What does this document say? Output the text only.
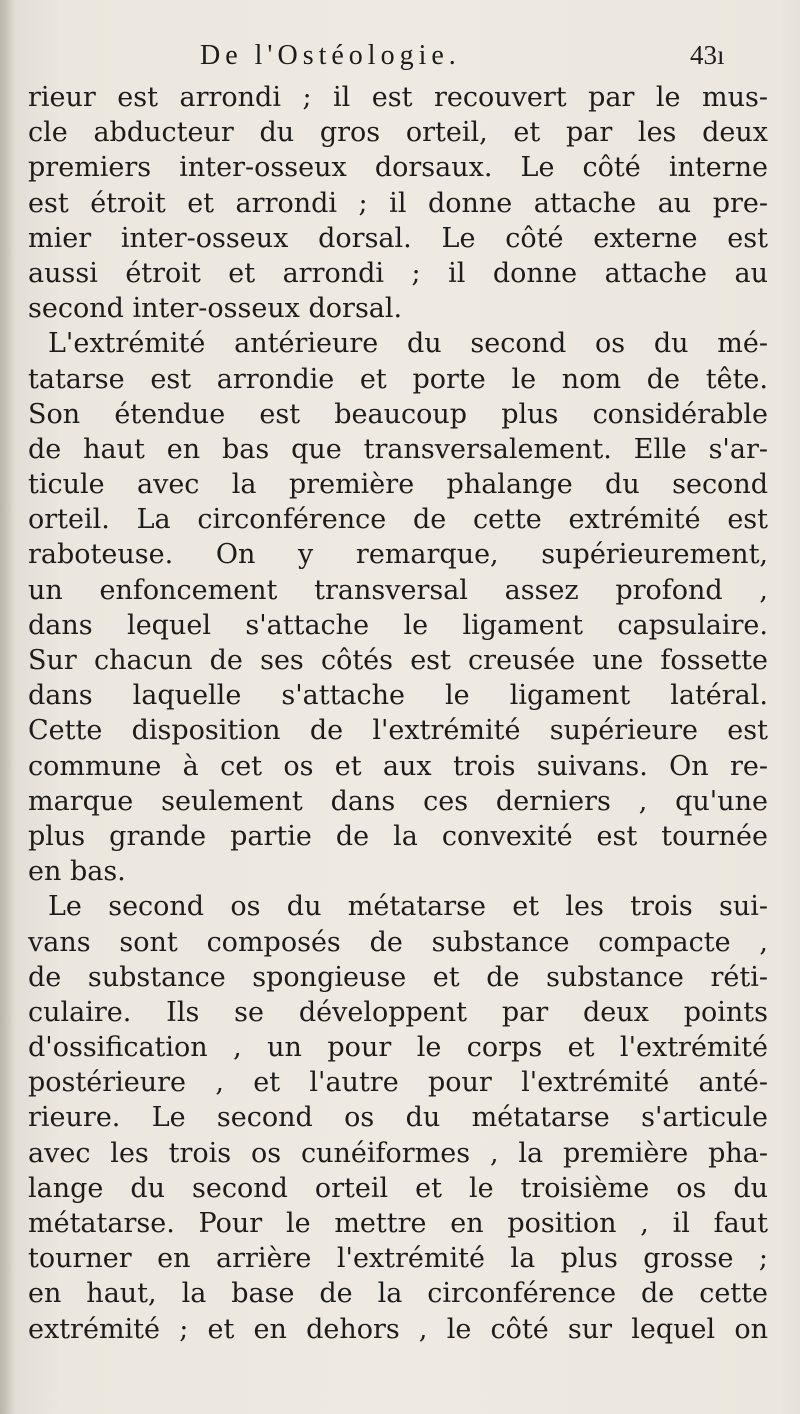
De l'Ostéologie.	43ı
rieur est arrondi ; il est recouvert par le mus-
cle abducteur du gros orteil, et par les deux
premiers inter-osseux dorsaux. Le côté interne
est étroit et arrondi ; il donne attache au pre-
mier inter-osseux dorsal. Le côté externe est
aussi étroit et arrondi ; il donne attache au
second inter-osseux dorsal.
L'extrémité antérieure du second os du mé-
tatarse est arrondie et porte le nom de tête.
Son étendue est beaucoup plus considérable
de haut en bas que transversalement. Elle s'ar-
ticule avec la première phalange du second
orteil. La circonférence de cette extrémité est
raboteuse. On y remarque, supérieurement,
un enfoncement transversal assez profond ,
dans lequel s'attache le ligament capsulaire.
Sur chacun de ses côtés est creusée une fossette
dans laquelle s'attache le ligament latéral.
Cette disposition de l'extrémité supérieure est
commune à cet os et aux trois suivans. On re-
marque seulement dans ces derniers , qu'une
plus grande partie de la convexité est tournée
en bas.
Le second os du métatarse et les trois sui-
vans sont composés de substance compacte ,
de substance spongieuse et de substance réti-
culaire. Ils se développent par deux points
d'ossification , un pour le corps et l'extrémité
postérieure , et l'autre pour l'extrémité anté-
rieure. Le second os du métatarse s'articule
avec les trois os cunéiformes , la première pha-
lange du second orteil et le troisième os du
métatarse. Pour le mettre en position , il faut
tourner en arrière l'extrémité la plus grosse ;
en haut, la base de la circonférence de cette
extrémité ; et en dehors , le côté sur lequel on
